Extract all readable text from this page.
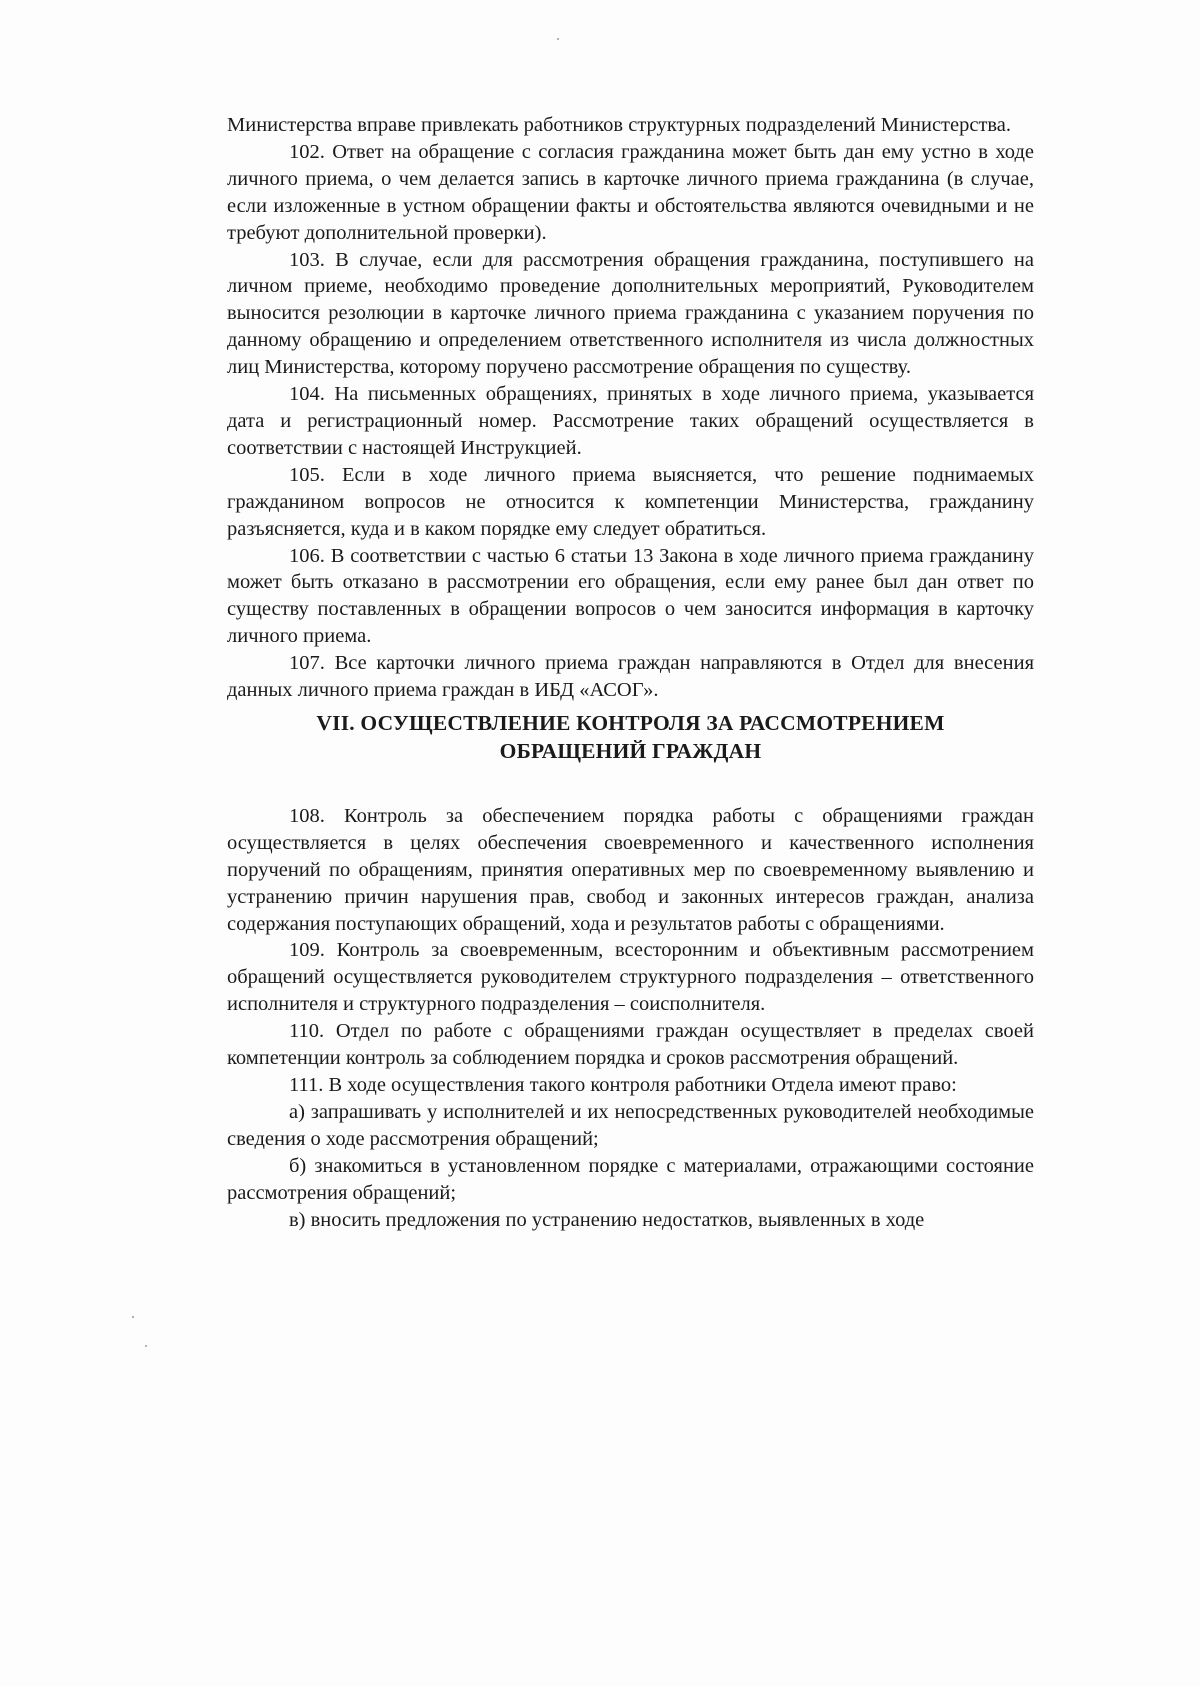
Министерства вправе привлекать работников структурных подразделений Министерства.

102. Ответ на обращение с согласия гражданина может быть дан ему устно в ходе личного приема, о чем делается запись в карточке личного приема гражданина (в случае, если изложенные в устном обращении факты и обстоятельства являются очевидными и не требуют дополнительной проверки).

103. В случае, если для рассмотрения обращения гражданина, поступившего на личном приеме, необходимо проведение дополнительных мероприятий, Руководителем выносится резолюции в карточке личного приема гражданина с указанием поручения по данному обращению и определением ответственного исполнителя из числа должностных лиц Министерства, которому поручено рассмотрение обращения по существу.

104. На письменных обращениях, принятых в ходе личного приема, указывается дата и регистрационный номер. Рассмотрение таких обращений осуществляется в соответствии с настоящей Инструкцией.

105. Если в ходе личного приема выясняется, что решение поднимаемых гражданином вопросов не относится к компетенции Министерства, гражданину разъясняется, куда и в каком порядке ему следует обратиться.

106. В соответствии с частью 6 статьи 13 Закона в ходе личного приема гражданину может быть отказано в рассмотрении его обращения, если ему ранее был дан ответ по существу поставленных в обращении вопросов о чем заносится информация в карточку личного приема.

107. Все карточки личного приема граждан направляются в Отдел для внесения данных личного приема граждан в ИБД «АСОГ».

VII. ОСУЩЕСТВЛЕНИЕ КОНТРОЛЯ ЗА РАССМОТРЕНИЕМ
ОБРАЩЕНИЙ ГРАЖДАН

108. Контроль за обеспечением порядка работы с обращениями граждан осуществляется в целях обеспечения своевременного и качественного исполнения поручений по обращениям, принятия оперативных мер по своевременному выявлению и устранению причин нарушения прав, свобод и законных интересов граждан, анализа содержания поступающих обращений, хода и результатов работы с обращениями.

109. Контроль за своевременным, всесторонним и объективным рассмотрением обращений осуществляется руководителем структурного подразделения – ответственного исполнителя и структурного подразделения – соисполнителя.

110. Отдел по работе с обращениями граждан осуществляет в пределах своей компетенции контроль за соблюдением порядка и сроков рассмотрения обращений.

111. В ходе осуществления такого контроля работники Отдела имеют право:

а) запрашивать у исполнителей и их непосредственных руководителей необходимые сведения о ходе рассмотрения обращений;

б) знакомиться в установленном порядке с материалами, отражающими состояние рассмотрения обращений;

в) вносить предложения по устранению недостатков, выявленных в ходе
